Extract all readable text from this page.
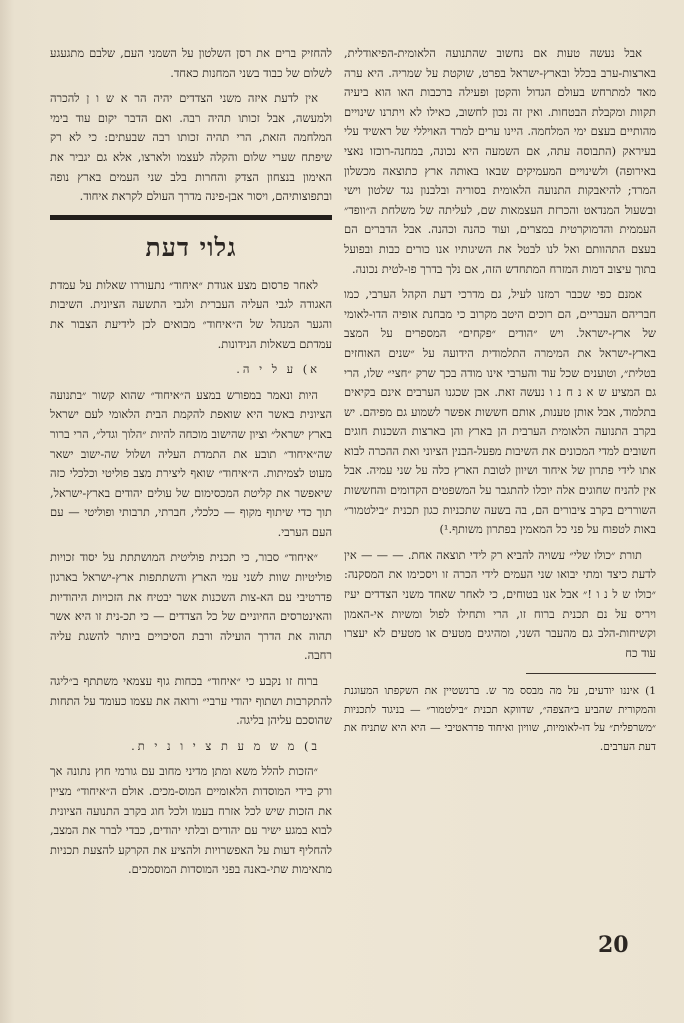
אבל נעשה טעות אם נחשוב שהתנועה הלאומית-הפיאודלית, בארצות-ערב בכלל ובארץ-ישראל בפרט, שוקטת על שמריה. היא ערה מאד למתרחש בעולם הגדול והקטן ופעילה ברכבות האו הוא ביעיה תקוות ומקבלת הבטחות. ואין זה נכון לחשוב, כאילו לא ויתרנו שינויים מהותיים בעצם ימי המלחמה. היינו ערים למרד האויללי של ראשיד עלי בעיראק (התבוסה עתה, אם השמעה היא נכונה, במחנה-רוכזו נאצי באירופה) ולשינויים המעמיקים שבאו באותה ארץ כתוצאה מכשלון המרד; להיאבקות התנועה הלאומית בסוריה ובלבנון נגד שלטון וישי ובשעול המנדאט והכרזת העצמאות שם, לעליתה של משלחת ה״וופד״ העממית והדמוקרטית במצרים, ועוד כהנה וכהנה. אבל הדברים הם בעצם התהוותם ואל לנו לבטל את השיגותיו אנו כורים כבות ובפועל בתוך עיצוב דמות המזרח המתחדש הזה, אם נלך בדרך פו-לטית נכונה.

אמנם כפי שכבר רמזנו לעיל, גם מדרכי דעת הקהל הערבי, כמו חבריהם העבריים, הם רוכים היטב מקרוב כי מבחנת אופיה הדו-לאומי של ארץ-ישראל. ויש ״הודים ״פקחים״ המספרים על המצב בארץ-ישראל את המימרה התלמודית הידועה על ״שנים האוחזים בטלית״, וטוענים שכל עוד והערבי אינו מודה בכך שרק ״חצי״ שלו, הרי גם המציע ש א נ ח נ ו נעשה זאת. אבן שכגנו הערבים אינם בקיאים בתלמוד, אבל אותן טענות, אותם חששות אפשר לשמוע גם מפיהם. יש בקרב התנועה הלאומית הערבית הן בארץ והן בארצות השכנות חוגים חשובים למדי המכונים את השיבות מפעל-הבנין הציוני ואת ההכרה לבוא אתו לידי פתרון של איחוד ושיוון לטובת הארץ כלה על שני עמיה. אבל אין להניח שחוגים אלה יוכלו להתגבר על המשפטים הקדומים והחששות השוררים בקרב ציבורים הם, בה בשעה שתכניות כגון תכנית ״בילטמור״ באות לטפוח על פני כל המאמין בפתרון משותף.¹)

תורת ״כולו שלי״ עשויה להביא רק לידי תוצאה אחת. — — — אין לדעת כיצד ומתי יבואו שני העמים לידי הכרה זו ויסכימו את המסקנה: ״כולו ש ל נ ו !״ אבל אנו בטוחים, כי לאחר שאחד משני הצדדים יעיז ויריס על נם תכנית ברוח זו, הרי ותחילו לפול ומשיות אי-האמון וקשיחות-הלב גם מהעבר השני, ומהיגים מטעים או מטעים לא יעצרו עוד כח

1) איננו יודעים, על מה מבסס מר ש. ברנשטיין את השקפתו המעוגנת והמקורית שהביע ב״הצפה״, שדווקא תכנית ״בילטמור״ — בניגוד לתכניות ״משרפלית״ על דו-לאומיות, שוויון ואיחוד פדראטיבי — היא היא שתניח את דעת הערבים.

להחזיק ברים את רסן השלטון על השמני העם, שלבם מתגעגע לשלום של כבוד בשני המחנות כאחד.

אין לדעת איזה משני הצדדים יהיה הר א ש ו ן להכרה ולמעשה, אבל זכותו תהיה רבה. ואם הדבר יקום עוד בימי המלחמה הזאת, הרי תהיה זכותו רבה שבעתים: כי לא רק שיפתח שערי שלום והקלה לעצמו ולארצו, אלא גם יגביר את האימון בנצחון הצדק והחרות בלב שני העמים בארץ נופה ובתפוצותיהם, ויסור אבן-פינה מדרך העולם לקראת איחוד.

גלוי דעת

לאחר פרסום מצע אגודת ״איחוד״ נתעוררו שאלות על עמדת האגודה לגבי העליה העברית ולגבי התשעה הציונית. השיבות והגער המנהל של ה״איחוד״ מבואים לכן לידיעת הצבור את עמדתם בשאלות הנידונות.

א) ע ל י ה.

היות ונאמר במפורש במצע ה״איחוד״ שהוא קשור ״בתנועה הציונית באשר היא שואפת להקמת הבית הלאומי לעם ישראל בארץ ישראל״ וציון שהישוב מוכחה להיות ״הלוך וגדל״, הרי ברור שה״איחוד״ תובע את התמדת העליה ושלול שה-ישוב ישאר מעוט לצמיתות. ה״איחוד״ שואף ליצירת מצב פוליטי וכלכלי כזה שיאפשר את קליטת המכסימום של עולים יהודים בארץ-ישראל, תוך כדי שיתוף מקוף — כלכלי, חברתי, תרבותי ופוליטי — עם העם הערבי.

״איחוד״ סבור, כי תכנית פוליטית המושתתת על יסוד זכויות פוליטיות שוות לשני עמי הארץ והשתתפות ארץ-ישראל בארגון פדרטיבי עם הא-צות השכנות אשר יבטיח את הזכויות היהודיות והאינטרסים החיוניים של כל הצדדים — כי תכ-נית זו היא אשר תהוה את הדרך הועילה ורבת הסיכויים ביותר להשגת עליה רחבה.

ברוח זו נקבע כי ״איחוד״ בכחות גוף עצמאי משתתף ב״ליגה להתקרבות ושתוף יהודי ערבי״ ורואה את עצמו כעומד על התחות שהוסכם עליהן בליגה.

ב) מ ש מ ע ת צ י ו נ י ת.

״הזכות להלל משא ומתן מדיני מחוב עם גורמי חוץ נתונה אך ורק בידי המוסדות הלאומיים המוס-מכים. אולם ה״איחוד״ מציין את הזכות שיש לכל אזרח בעמו ולכל חוג בקרב התנועה הציונית לבוא במגע ישיר עם יהודים ובלתי יהודים, כבדי לברר את המצב, להחליף דעות על האפשרויות ולהציע את הקרקע להצעת תכניות מתאימות שתי-באנה בפני המוסדות המוסמכים.

20
